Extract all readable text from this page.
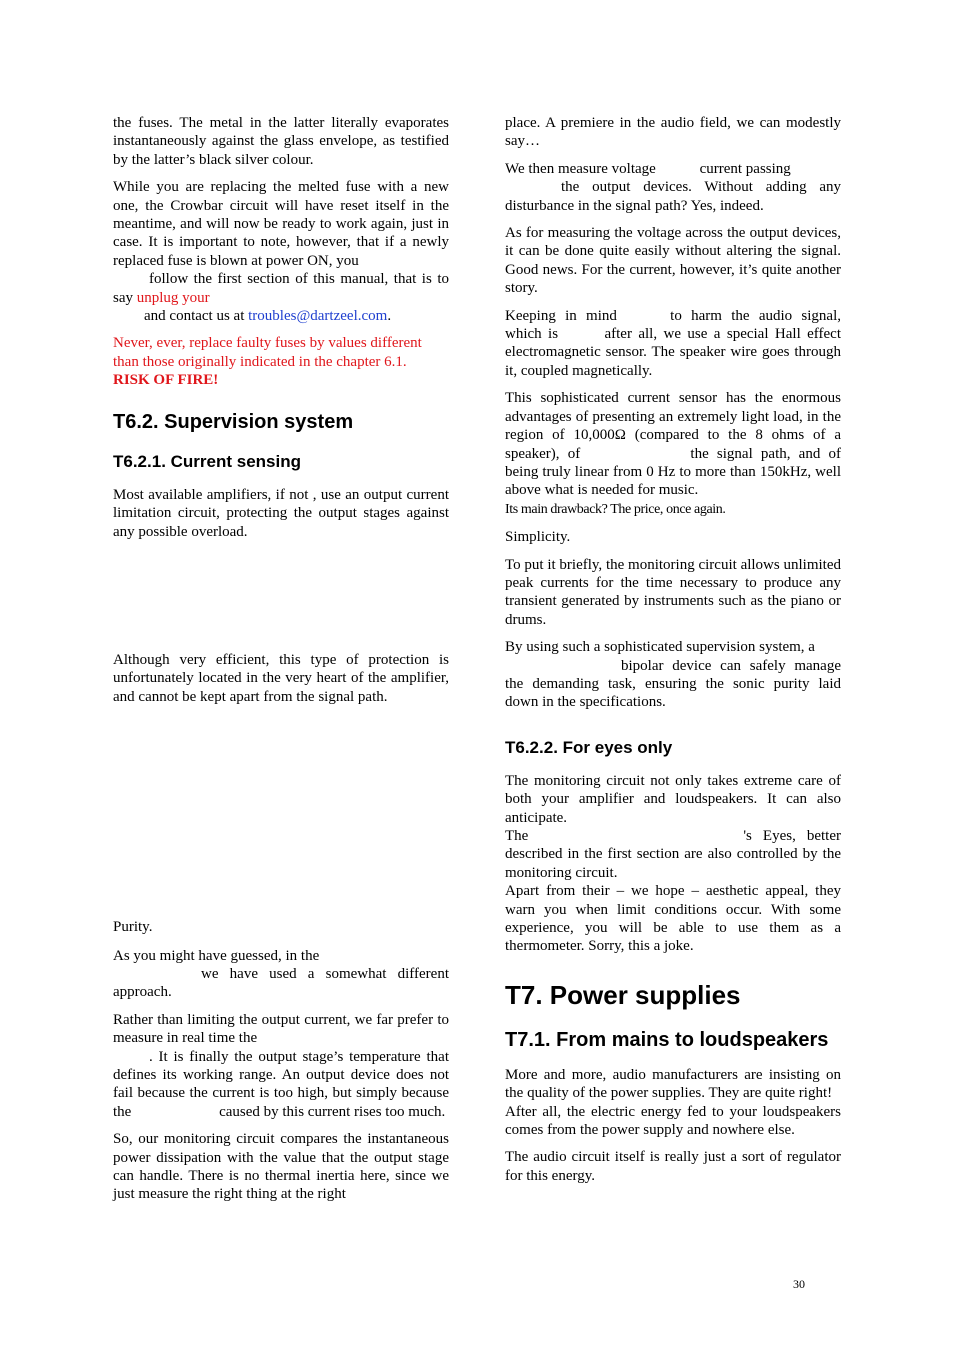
the fuses. The metal in the latter literally evaporates instantaneously against the glass envelope, as testified by the latter’s black silver colour.

While you are replacing the melted fuse with a new one, the Crowbar circuit will have reset itself in the meantime, and will now be ready to work again, just in case. It is important to note, however, that if a newly replaced fuse is blown at power ON, you
follow the first section of this manual, that is to say unplug your
and contact us at troubles@dartzeel.com.

Never, ever, replace faulty fuses by values different than those originally indicated in the chapter 6.1.
RISK OF FIRE!

T6.2. Supervision system
T6.2.1. Current sensing

Most available amplifiers, if not , use an output current limitation circuit, protecting the output stages against any possible overload.

Although very efficient, this type of protection is unfortunately located in the very heart of the amplifier, and cannot be kept apart from the signal path.

Purity.

As you might have guessed, in the
we have used a somewhat different approach.

Rather than limiting the output current, we far prefer to measure in real time the
. It is finally the output stage’s temperature that defines its working range. An output device does not fail because the current is too high, but simply because the	caused by this current rises too much.

So, our monitoring circuit compares the instantaneous power dissipation with the value that the output stage can handle. There is no thermal inertia here, since we just measure the right thing at the right

place. A premiere in the audio field, we can modestly say…

We then measure voltage	current passing
the output devices. Without adding any disturbance in the signal path? Yes, indeed.

As for measuring the voltage across the output devices, it can be done quite easily without altering the signal. Good news. For the current, however, it’s quite another story.

Keeping in mind	to harm the audio signal, which is	after all, we use a special Hall effect electromagnetic sensor. The speaker wire goes through it, coupled magnetically.

This sophisticated current sensor has the enormous advantages of presenting an extremely light load, in the region of 10,000Ω (compared to the 8 ohms of a speaker), of	the signal path, and of being truly linear from 0 Hz to more than 150kHz, well above what is needed for music.
Its main drawback? The price, once again.

Simplicity.

To put it briefly, the monitoring circuit allows unlimited peak currents for the time necessary to produce any transient generated by instruments such as the piano or drums.

By using such a sophisticated supervision system, a
bipolar device can safely manage the demanding task, ensuring the sonic purity laid down in the specifications.

T6.2.2. For eyes only

The monitoring circuit not only takes extreme care of both your amplifier and loudspeakers. It can also anticipate.
The	's Eyes, better described in the first section are also controlled by the monitoring circuit.
Apart from their – we hope – aesthetic appeal, they warn you when limit conditions occur. With some experience, you will be able to use them as a thermometer. Sorry, this a joke.

T7. Power supplies
T7.1. From mains to loudspeakers

More and more, audio manufacturers are insisting on the quality of the power supplies. They are quite right!
After all, the electric energy fed to your loudspeakers comes from the power supply and nowhere else.

The audio circuit itself is really just a sort of regulator for this energy.

30
